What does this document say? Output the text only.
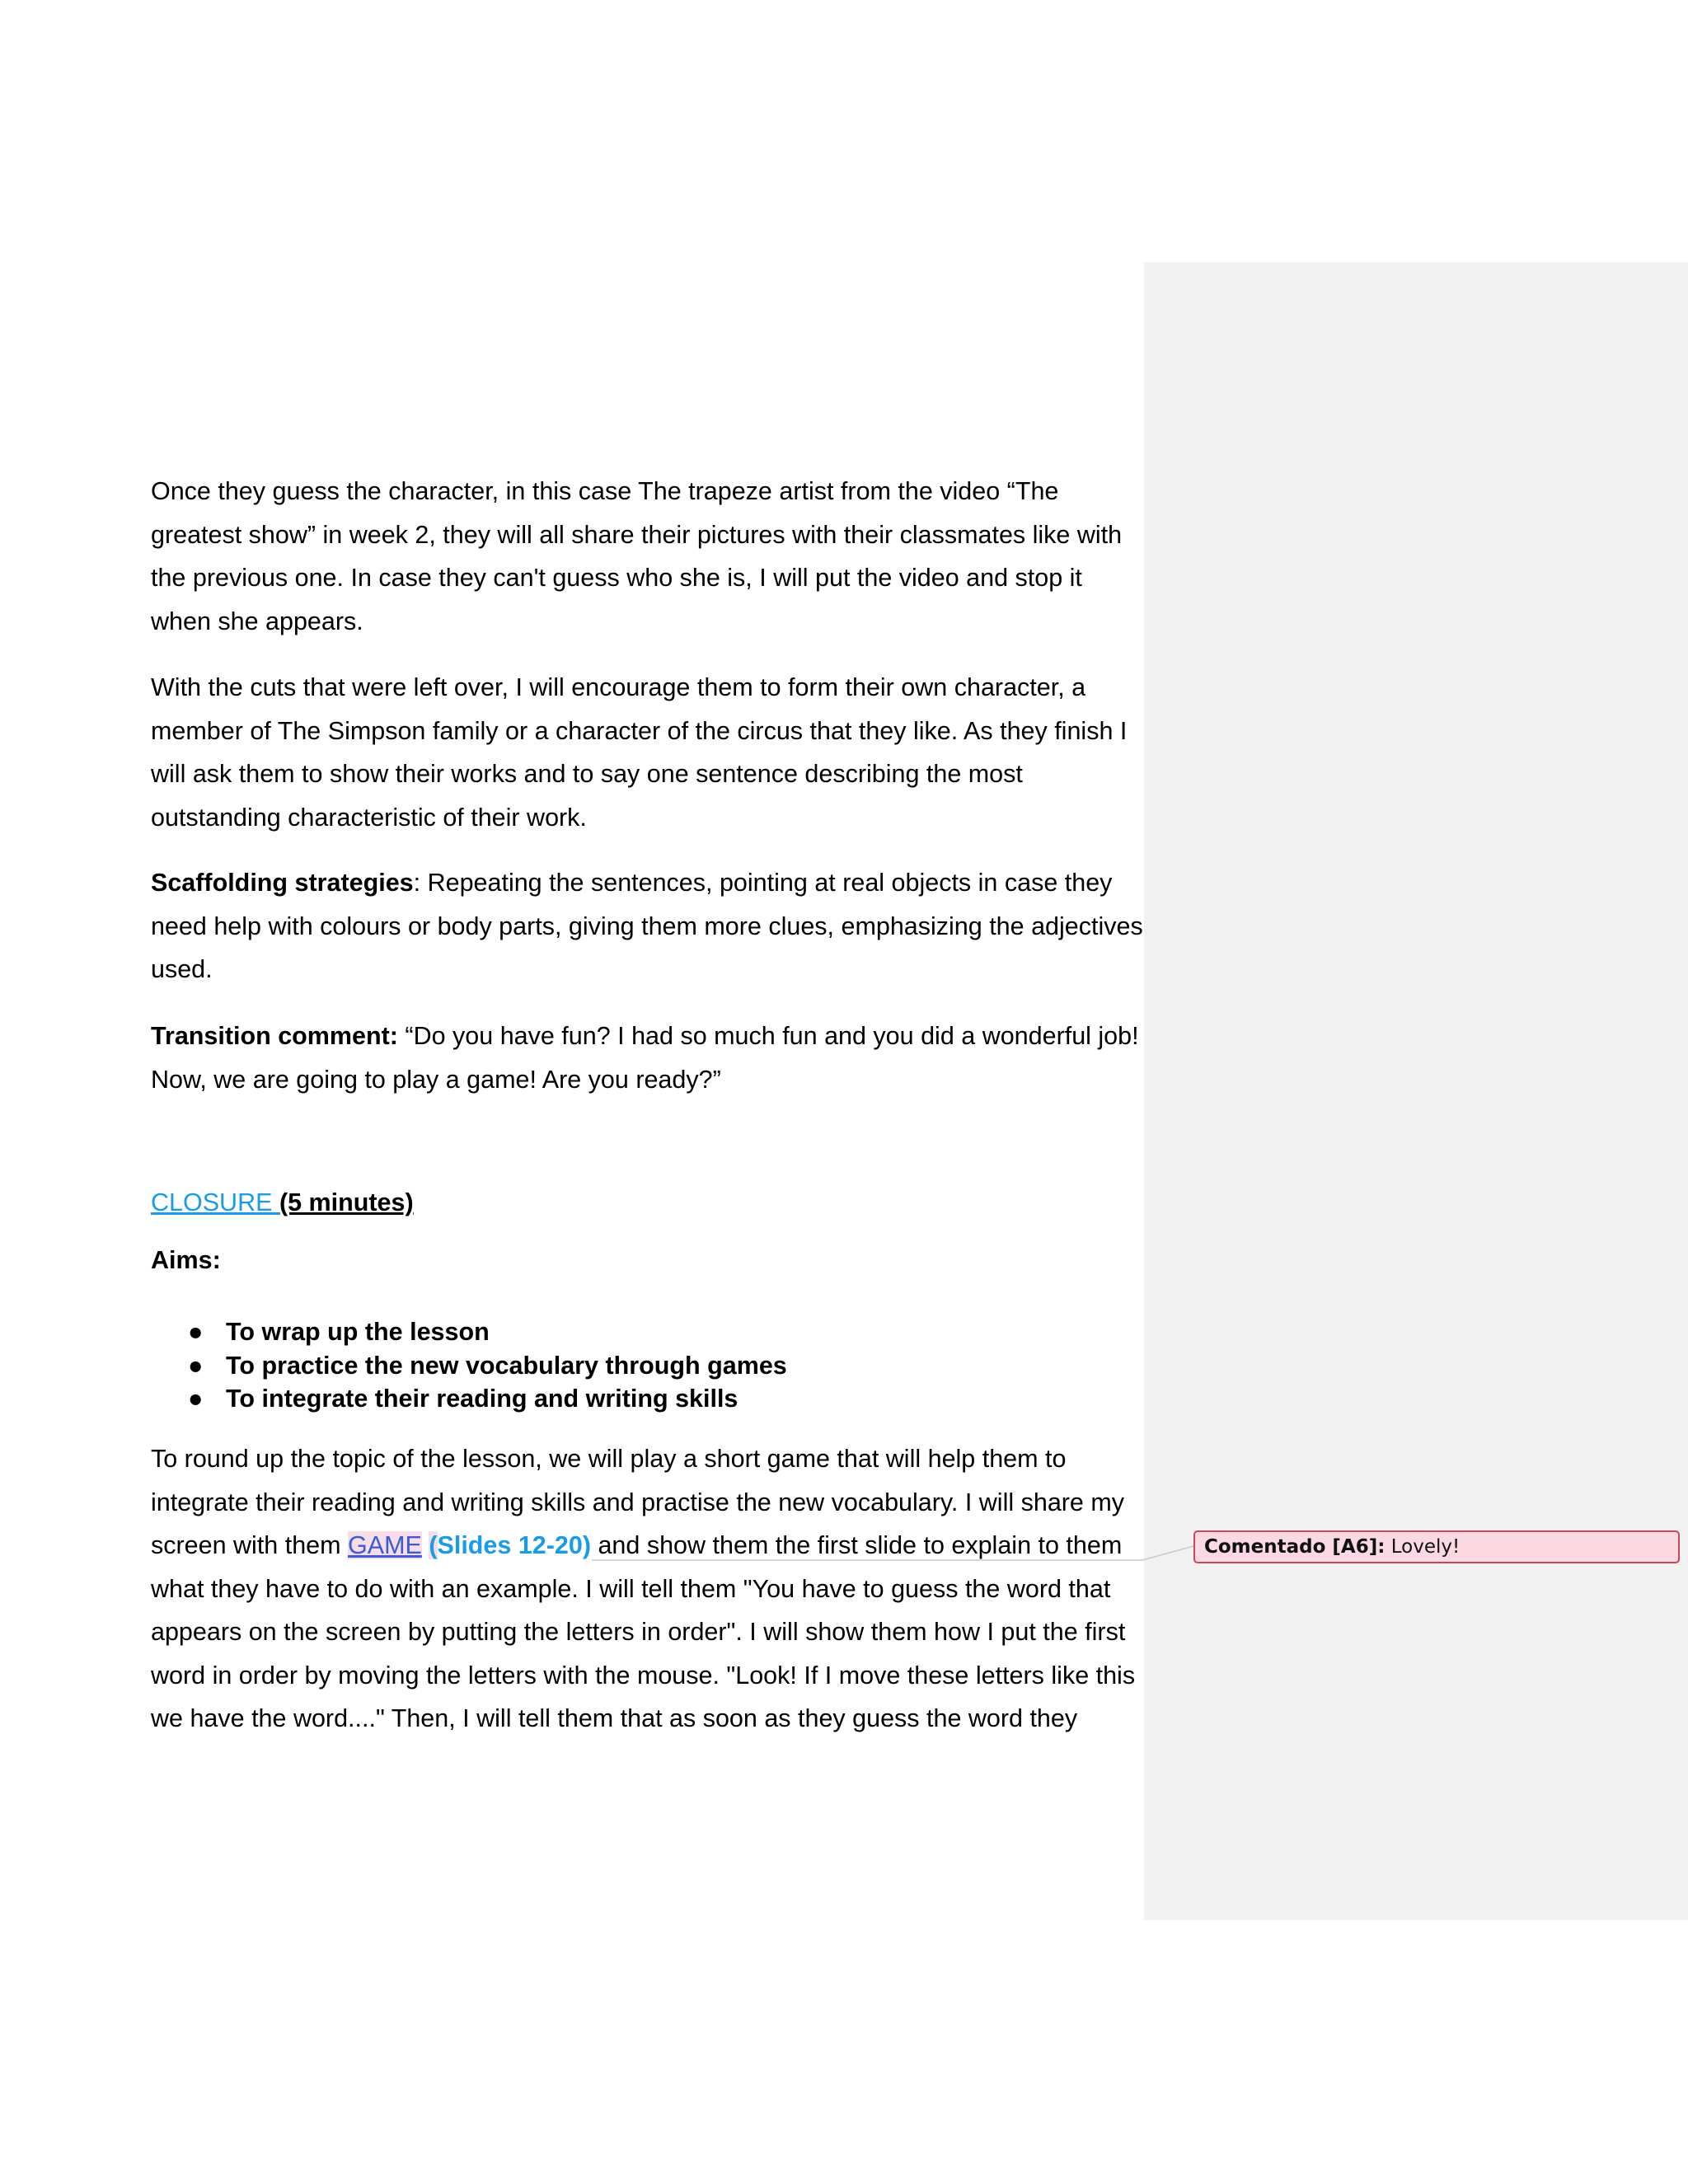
Once they guess the character, in this case The trapeze artist from the video “The greatest show” in week 2, they will all share their pictures with their classmates like with the previous one. In case they can't guess who she is, I will put the video and stop it when she appears.

With the cuts that were left over, I will encourage them to form their own character, a member of The Simpson family or a character of the circus that they like. As they finish I will ask them to show their works and to say one sentence describing the most outstanding characteristic of their work.

Scaffolding strategies: Repeating the sentences, pointing at real objects in case they need help with colours or body parts, giving them more clues, emphasizing the adjectives used.

Transition comment: “Do you have fun? I had so much fun and you did a wonderful job! Now, we are going to play a game! Are you ready?”

CLOSURE (5 minutes)

Aims:

● To wrap up the lesson
● To practice the new vocabulary through games
● To integrate their reading and writing skills

To round up the topic of the lesson, we will play a short game that will help them to integrate their reading and writing skills and practise the new vocabulary. I will share my screen with them GAME (Slides 12-20) and show them the first slide to explain to them what they have to do with an example. I will tell them "You have to guess the word that appears on the screen by putting the letters in order". I will show them how I put the first word in order by moving the letters with the mouse. "Look! If I move these letters like this we have the word...." Then, I will tell them that as soon as they guess the word they

Comentado [A6]: Lovely!
